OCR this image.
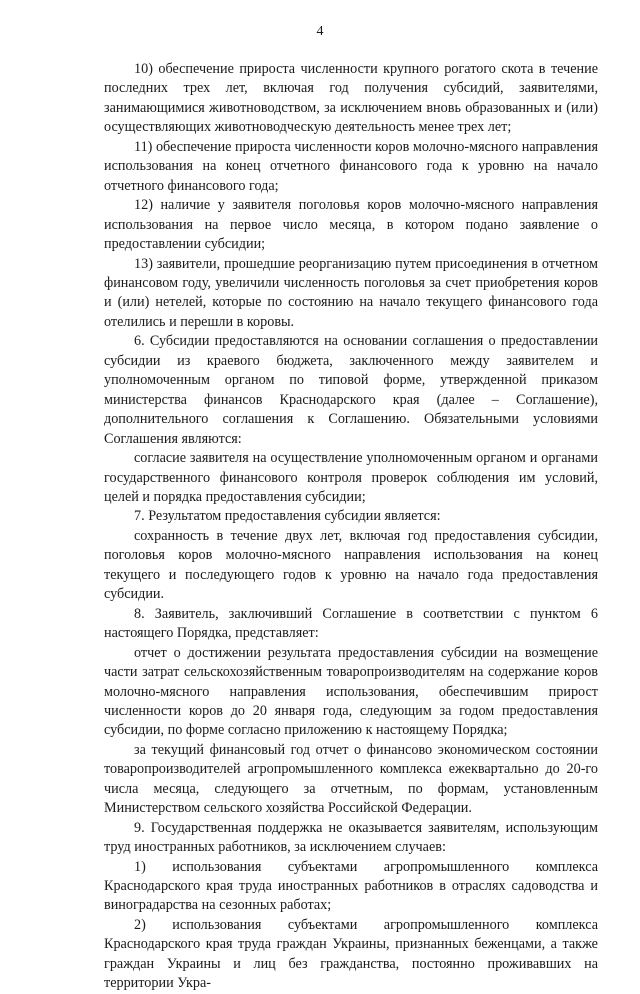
4

10) обеспечение прироста численности крупного рогатого скота в течение последних трех лет, включая год получения субсидий, заявителями, занимающимися животноводством, за исключением вновь образованных и (или) осуществляющих животноводческую деятельность менее трех лет;

11) обеспечение прироста численности коров молочно-мясного направления использования на конец отчетного финансового года к уровню на начало отчетного финансового года;

12) наличие у заявителя поголовья коров молочно-мясного направления использования на первое число месяца, в котором подано заявление о предоставлении субсидии;

13) заявители, прошедшие реорганизацию путем присоединения в отчетном финансовом году, увеличили численность поголовья за счет приобретения коров и (или) нетелей, которые по состоянию на начало текущего финансового года отелились и перешли в коровы.

6. Субсидии предоставляются на основании соглашения о предоставлении субсидии из краевого бюджета, заключенного между заявителем и уполномоченным органом по типовой форме, утвержденной приказом министерства финансов Краснодарского края (далее – Соглашение), дополнительного соглашения к Соглашению. Обязательными условиями Соглашения являются:

согласие заявителя на осуществление уполномоченным органом и органами государственного финансового контроля проверок соблюдения им условий, целей и порядка предоставления субсидии;

7. Результатом предоставления субсидии является:

сохранность в течение двух лет, включая год предоставления субсидии, поголовья коров молочно-мясного направления использования на конец текущего и последующего годов к уровню на начало года предоставления субсидии.

8. Заявитель, заключивший Соглашение в соответствии с пунктом 6 настоящего Порядка, представляет:

отчет о достижении результата предоставления субсидии на возмещение части затрат сельскохозяйственным товаропроизводителям на содержание коров молочно-мясного направления использования, обеспечившим прирост численности коров до 20 января года, следующим за годом предоставления субсидии, по форме согласно приложению к настоящему Порядка;

за текущий финансовый год отчет о финансово экономическом состоянии товаропроизводителей агропромышленного комплекса ежеквартально до 20-го числа месяца, следующего за отчетным, по формам, установленным Министерством сельского хозяйства Российской Федерации.

9. Государственная поддержка не оказывается заявителям, использующим труд иностранных работников, за исключением случаев:

1) использования субъектами агропромышленного комплекса Краснодарского края труда иностранных работников в отраслях садоводства и виноградарства на сезонных работах;

2) использования субъектами агропромышленного комплекса Краснодарского края труда граждан Украины, признанных беженцами, а также граждан Украины и лиц без гражданства, постоянно проживавших на территории Укра-
